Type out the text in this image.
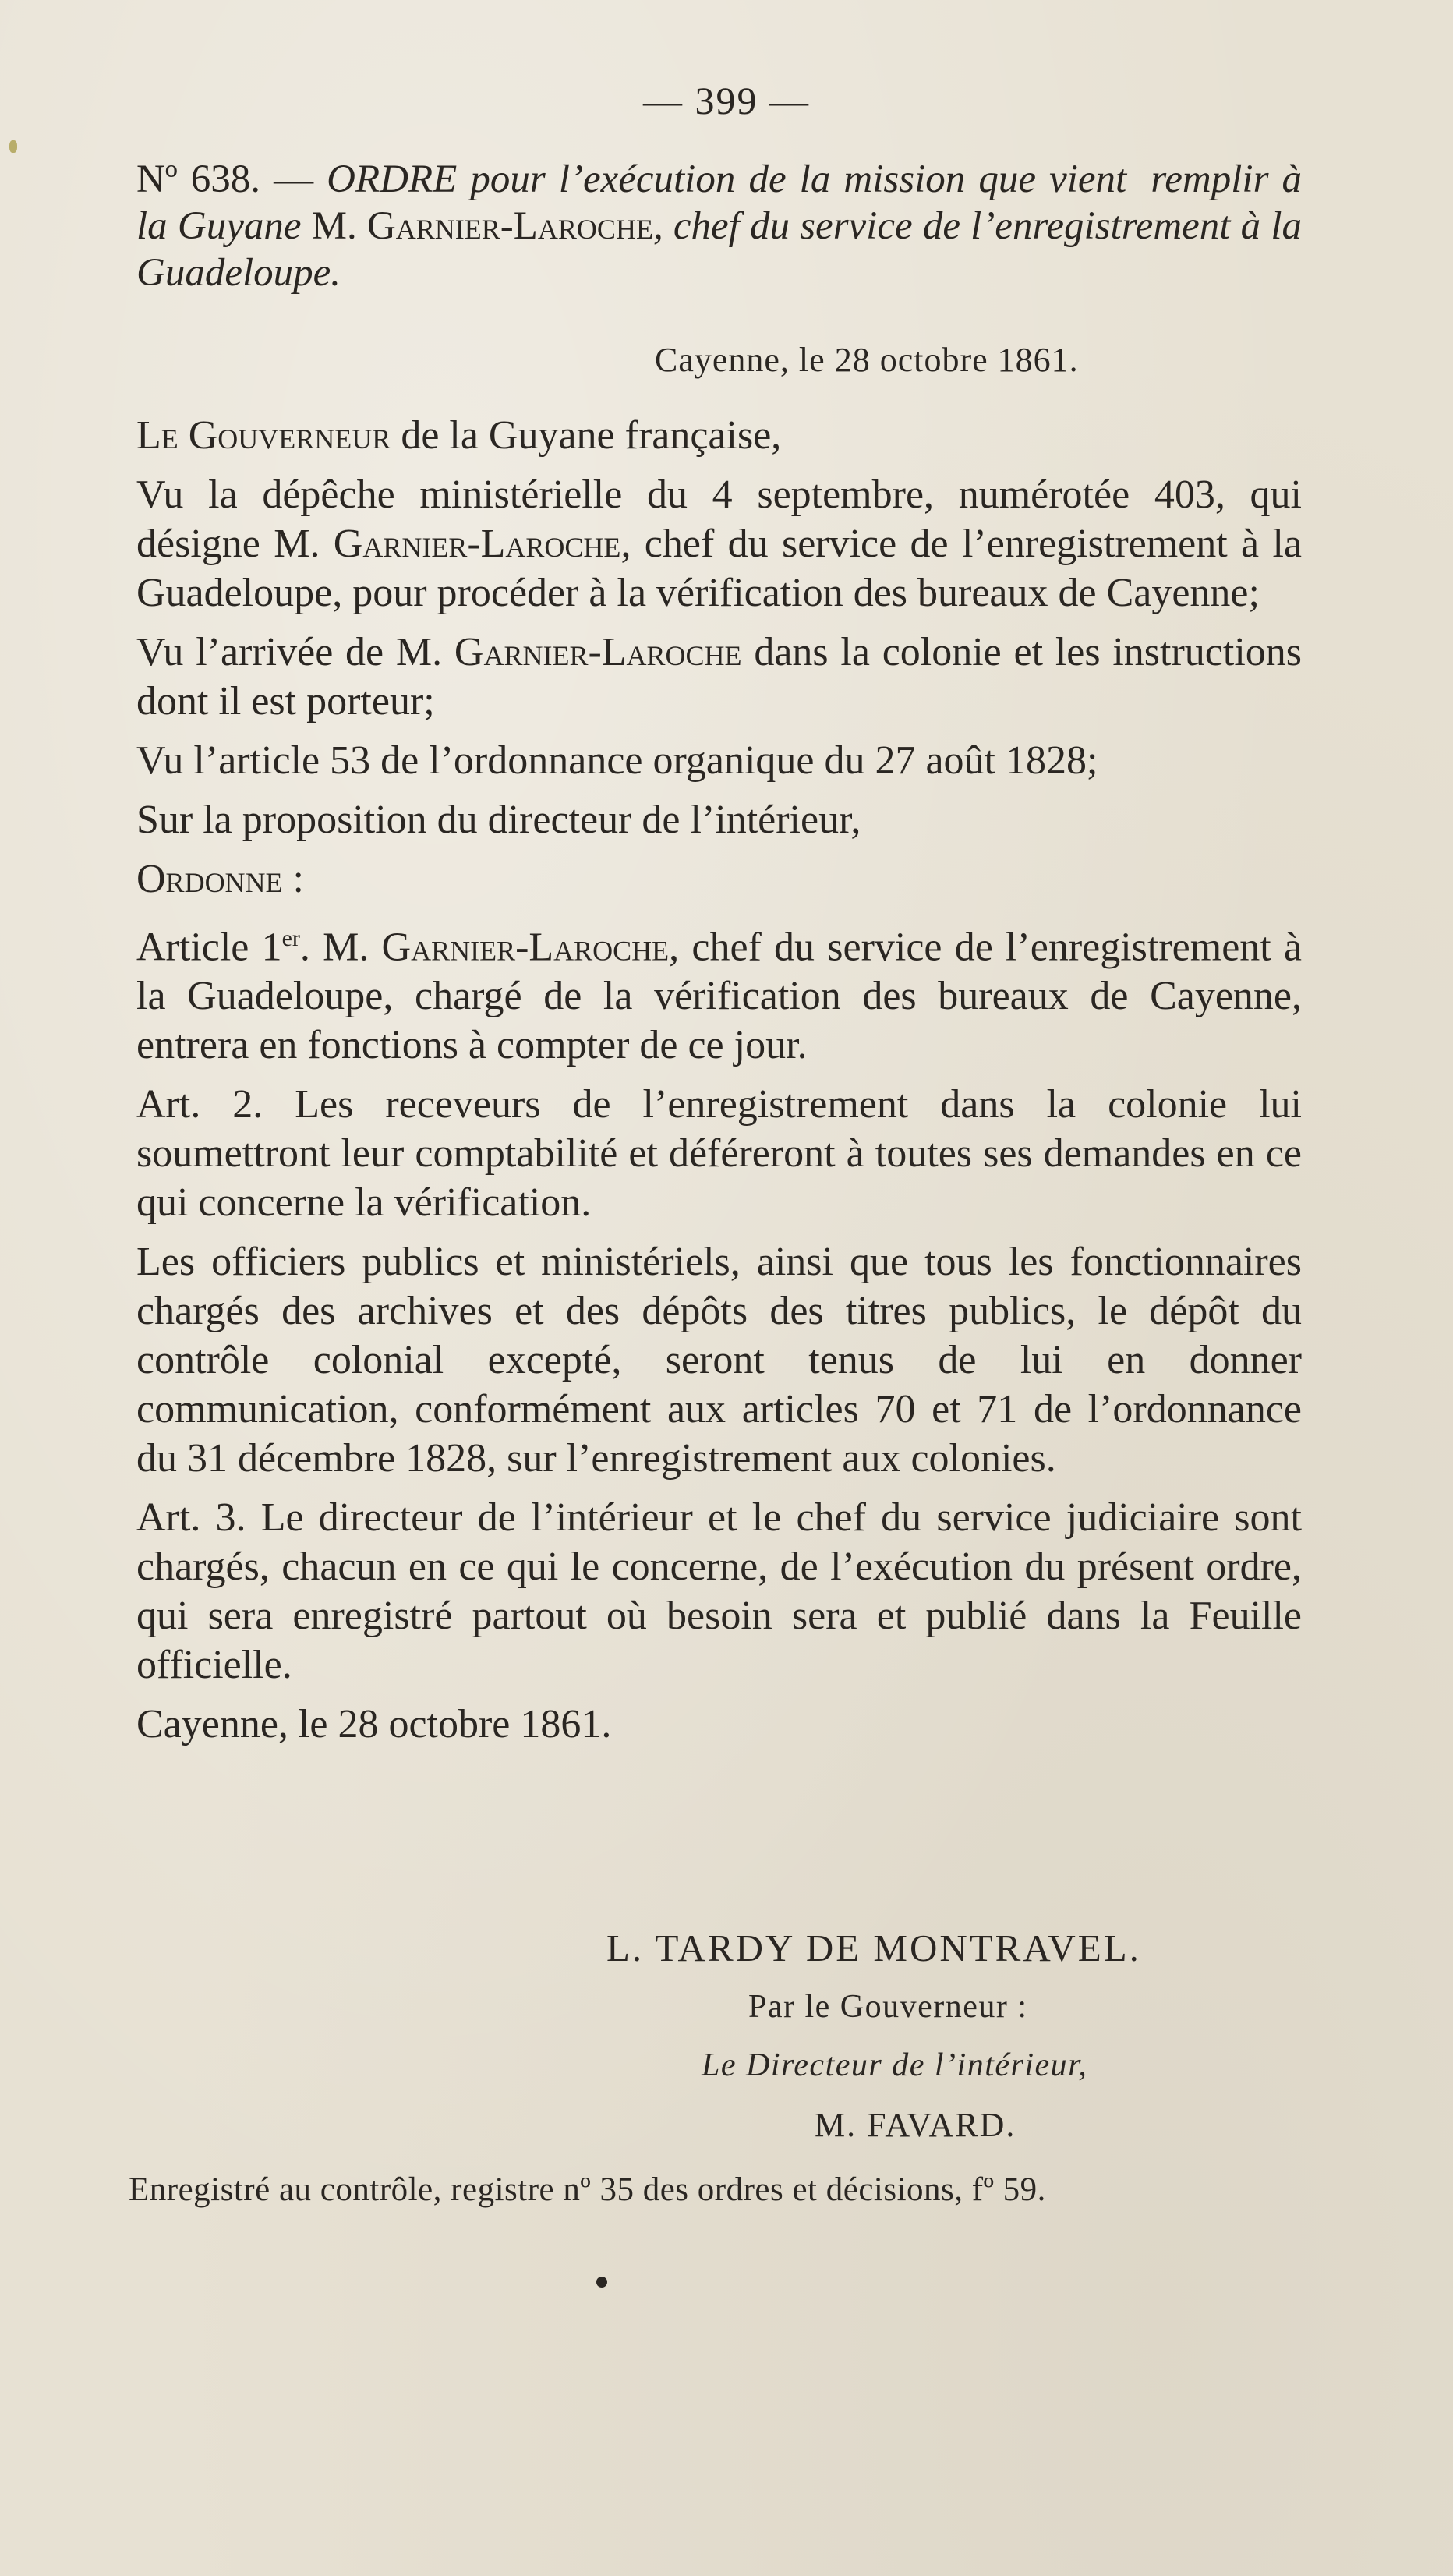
— 399 —
Nº 638. — ORDRE pour l’exécution de la mission que vient remplir à la Guyane M. Garnier-Laroche, chef du service de l’enregistrement à la Guadeloupe.
Cayenne, le 28 octobre 1861.

Le Gouverneur de la Guyane française,

Vu la dépêche ministérielle du 4 septembre, numérotée 403, qui désigne M. Garnier-Laroche, chef du service de l’enregistrement à la Guadeloupe, pour procéder à la vérification des bureaux de Cayenne;

Vu l’arrivée de M. Garnier-Laroche dans la colonie et les instructions dont il est porteur;

Vu l’article 53 de l’ordonnance organique du 27 août 1828;

Sur la proposition du directeur de l’intérieur,

Ordonne :

Article 1er. M. Garnier-Laroche, chef du service de l’enregistrement à la Guadeloupe, chargé de la vérification des bureaux de Cayenne, entrera en fonctions à compter de ce jour.

Art. 2. Les receveurs de l’enregistrement dans la colonie lui soumettront leur comptabilité et déféreront à toutes ses demandes en ce qui concerne la vérification.

Les officiers publics et ministériels, ainsi que tous les fonctionnaires chargés des archives et des dépôts des titres publics, le dépôt du contrôle colonial excepté, seront tenus de lui en donner communication, conformément aux articles 70 et 71 de l’ordonnance du 31 décembre 1828, sur l’enregistrement aux colonies.

Art. 3. Le directeur de l’intérieur et le chef du service judiciaire sont chargés, chacun en ce qui le concerne, de l’exécution du présent ordre, qui sera enregistré partout où besoin sera et publié dans la Feuille officielle.

Cayenne, le 28 octobre 1861.

L. TARDY DE MONTRAVEL.
Par le Gouverneur :
Le Directeur de l’intérieur,
M. FAVARD.
Enregistré au contrôle, registre nº 35 des ordres et décisions, fº 59.
